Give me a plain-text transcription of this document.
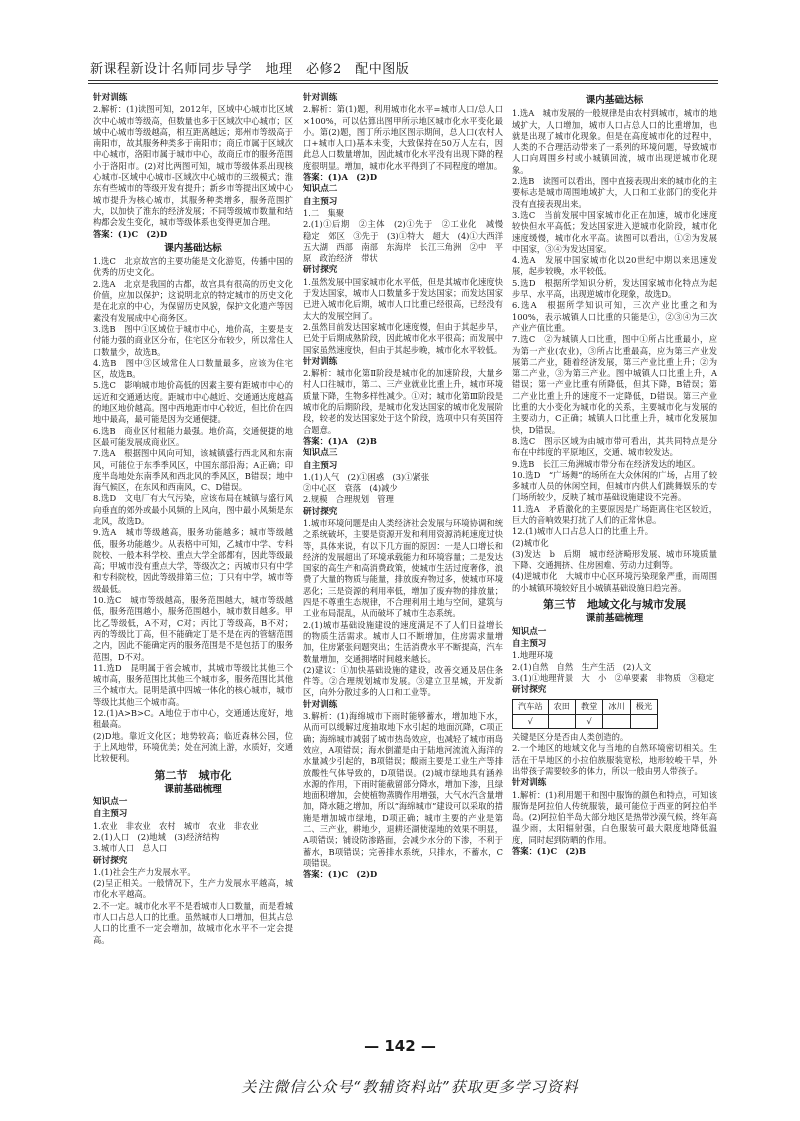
新课程新设计名师同步导学　地理　必修2　配中图版
针对训练
2.解析：(1)读图可知，2012年，区域中心城市比区域次中心城市等级高，但数量也多于区域次中心城市；区域中心城市等级越高，相互距离越远；郑州市等级高于南阳市，故其服务种类多于南阳市；商丘市属于区域次中心城市，洛阳市属于城市中心，故商丘市的服务范围小于洛阳市。(2)对比两图可知，城市等级体系出现核心城市-区域中心城市-区域次中心城市的三级模式；淮东有些城市的等级开发有提升；新乡市等提出区域中心城市提升为核心城市，其服务种类增多，服务范围扩大，以加快了淮东的经济发展；不同等级城市数量和结构都会发生变化，城市等级体系也变得更加合理。
答案：(1)C　(2)D
课内基础达标
1.选C　北京故宫的主要功能是文化游览，传播中国的优秀的历史文化。
2.选A　北京是我国的古都，故宫具有很高的历史文化价值，应加以保护；这说明北京的特定城市的历史文化是在北京的中心，为保留历史风貌，保护文化遗产等因素没有发展成中心商务区。
3.选B　图中①区域位于城市中心，地价高，主要是支付能力强的商业区分布，住宅区分布较少，所以常住人口数量少，故选B。
4.选B　图中③区域常住人口数量最多，应该为住宅区，故选B。
5.选C　影响城市地价高低的因素主要有距城市中心的远近和交通通达度。距城市中心越近、交通通达度越高的地区地价越高。图中西地距市中心较近，但比价在四地中最高，最可能是因为交通便捷。
6.选B　商业区付租能力最强。地价高，交通便捷的地区最可能发展成商业区。
7.选A　根据图中风向可知，该城镇盛行西北风和东南风，可能位于东季季风区，中国东部沿海；A正确；印度半岛地处东南季风和西北风的季风区，B错误；地中海气候区，在东风和西南风，C、D错误。
8.选D　文电厂有大气污染，应该布局在城镇与盛行风向垂直的郊外或最小风频的上风向，图中最小风频是东北风，故选D。
9.选A　城市等级越高，服务功能越多；城市等级越低，服务功能越少。从表格中可知，乙城市中学、专科院校、一般本科学校、重点大学全部都有，因此等级最高；甲城市没有重点大学，等级次之；丙城市只有中学和专科院校，因此等级排第三位；丁只有中学，城市等级最低。
10.选C　城市等级越高，服务范围越大，城市等级越低，服务范围越小，服务范围越小，城市数目越多。甲比乙等级低，A不对，C对；丙比丁等级高，B不对；丙的等级比丁高，但不能确定丁是不是在丙的管辖范围之内，因此不能确定丙的服务范围是不是包括丁的服务范围，D不对。
11.选D　昆明属于省会城市，其城市等级比其他三个城市高，服务范围比其他三个城市多，服务范围比其他三个城市大。昆明是滇中四城一体化的核心城市，城市等级比其他三个城市高。
12.(1)A>B>C。A地位于市中心，交通通达度好，地租最高。
(2)D地。靠近文化区；地势较高；临近森林公园，位于上风地带，环境优美；处在河流上游，水质好，交通比较便利。
第二节　城市化
课前基础梳理
知识点一
自主预习
1.农业　非农业　农村　城市　农业　非农业
2.(1)人口　(2)地域　(3)经济结构
3.城市人口　总人口
研讨探究
1.(1)社会生产力发展水平。
(2)呈正相关。一般情况下，生产力发展水平越高，城市化水平越高。
2.不一定。城市化水平不是看城市人口数量，而是看城市人口占总人口的比重。虽然城市人口增加，但其占总人口的比重不一定会增加，故城市化水平不一定会提高。
针对训练
2.解析：第(1)题，利用城市化水平=城市人口/总人口×100%，可以估算出图甲所示地区城市化水平变化最小。第(2)题，图丁所示地区图示期间，总人口(农村人口+城市人口)基本未变，大致保持在50万人左右，因此总人口数量增加，因此城市化水平没有出现下降的程度很明显。增加，城市化水平得到了不同程度的增加。
答案：(1)A　(2)D
知识点二
自主预习
1.二　集聚
2.(1)①后期　②主体　(2)①先于　②工业化　减慢　稳定　郊区　③先于　(3)①特大　超大　(4)①大西洋　五大湖　西部　南部　东海岸　长江三角洲　②中　平原　政治经济　带状
研讨探究
1.虽然发展中国家城市化水平低，但是其城市化速度快于发达国家，城市人口数量多于发达国家；而发达国家已进入城市化后期，城市人口比重已经很高，已经没有太大的发展空间了。
2.虽然目前发达国家城市化速度慢，但由于其起步早，已处于后期成熟阶段，因此城市化水平很高；而发展中国家虽然速度快，但由于其起步晚，城市化水平较低。
针对训练
2.解析：城市化第Ⅱ阶段是城市化的加速阶段，大量乡村人口往城市，第二、三产业就业比重上升，城市环境质量下降，生物多样性减少。①对；城市化第Ⅲ阶段是城市化的后期阶段，是城市化发达国家的城市化发展阶段，较老的发达国家处于这个阶段，选项中只有英国符合题意。
答案：(1)A　(2)B
知识点三
自主预习
1.(1)人气　(2)①困惑　(3)①紧张
②中心区　衰落　(4)减少
2.规模　合理规划　管理
研讨探究
1.城市环境问题是由人类经济社会发展与环境协调和统之系统破坏，主要是资源开发和利用资源消耗速度过快等，具体来说，有以下几方面的原因：一是人口增长和经济的发展超出了环境承载能力和环境容量；二是发达国家的高生产和高消费政策，使城市生活过度奢侈，浪费了大量的物质与能量，排放废弃物过多，使城市环境恶化；三是资源的利用率低，增加了废弃物的排放量；四是不尊重生态规律，不合理利用土地与空间，建筑与工业布局混乱，从而破坏了城市生态系统。
2.(1)城市基础设施建设的速度满足不了人们日益增长的物质生活需求。城市人口不断增加，住房需求量增加，住房紧张问题突出；生活消费水平不断提高，汽车数量增加，交通拥堵时间越来越长。
(2)建议：①加快基础设施的建设，改善交通及居住条件等。②合理规划城市发展。③建立卫星城，开发新区，向外分散过多的人口和工业等。
针对训练
3.解析：(1)海绵城市下雨时能够蓄水，增加地下水，从而可以缓解过度抽取地下水引起的地面沉降，C项正确；海绵城市减弱了城市热岛效应，也减轻了城市雨岛效应，A项错误；海水倒灌是由于陆地河流流入海洋的水量减少引起的，B项错误；酸雨主要是工业生产等排放酸性气体导致的，D项错误。(2)城市绿地具有涵养水源的作用，下雨时能截留部分降水，增加下渗，且绿地面积增加，会使植物蒸腾作用增强，大气水汽含量增加，降水随之增加，所以“海绵城市”建设可以采取的措施是增加城市绿地，D项正确；城市主要的产业是第二、三产业，耕地少，退耕还湖使湿地的效果不明显，A项错误；铺设防渗路面，会减少水分的下渗，不利于蓄水，B项错误；完善排水系统，只排水，不蓄水，C项错误。
答案：(1)C　(2)D
课内基础达标
1.选A　城市发展的一般规律是由农村到城市，城市的地域扩大，人口增加，城市人口占总人口的比重增加，也就是出现了城市化现象。但是在高度城市化的过程中，人类的不合理活动带来了一系列的环境问题，导致城市人口向周围乡村或小城镇回流，城市出现逆城市化现象。
2.选B　读图可以看出，图中直接表现出来的城市化的主要标志是城市周围地域扩大，人口和工业部门的变化并没有直接表现出来。
3.选C　当前发展中国家城市化正在加速，城市化速度较快但水平高低；发达国家进入逆城市化阶段，城市化速度缓慢，城市化水平高。读图可以看出，①②为发展中国家，③④为发达国家。
4.选A　发展中国家城市化以20世纪中期以来迅速发展，起步较晚，水平较低。
5.选D　根据所学知识分析，发达国家城市化特点为起步早、水平高，出现逆城市化现象，故选D。
6.选A　根据所学知识可知，三次产业比重之和为100%，表示城镇人口比重的只能是①，②③④为三次产业产值比重。
7.选C　②为城镇人口比重，图中①所占比重最小，应为第一产业(农业)，③所占比重最高，应为第三产业发展第二产业，随着经济发展，第三产业比重上升；②为第二产业，③为第三产业。图中城镇人口比重上升，A错误；第一产业比重有所降低，但其下降，B错误；第二产业比重上升的速度不一定降低，D错误。第三产业比重的大小变化为城市化的关系，主要城市化与发展的主要动力，C正确；城镇人口比重上升，城市化发展加快，D错误。
8.选C　图示区域为由城市带可看出，其共同特点是分布在中纬度的平原地区，交通、城市较发达。
9.选B　长江三角洲城市带分布在经济发达的地区。
10.选D　“广场舞”的场所在大众休闲的广场，占用了较多城市人员的休闲空间，但城市内供人们跳舞娱乐的专门场所较少，反映了城市基础设施建设不完善。
11.选A　矛盾激化的主要原因是广场距离住宅区较近，巨大的音响效果打扰了人们的正常休息。
12.(1)城市人口占总人口的比重上升。
(2)城市化
(3)发达　b　后期　城市经济畸形发展、城市环境质量下降、交通拥挤、住房困难、劳动力过剩等。
(4)逆城市化　大城市中心区环境污染现象严重，而周围的小城镇环境较好且小城镇基础设施日趋完善。
第三节　地域文化与城市发展
课前基础梳理
知识点一
自主预习
1.地理环境
2.(1)自然　自然　生产生活　(2)人文
3.(1)①地理背景　大　小　②单要素　非物质　③稳定
研讨探究
汽车站	农田	教堂	冰川	极光
√		√		
关键是区分是否由人类创造的。
2.一个地区的地域文化与当地的自然环境密切相关。生活在干旱地区的小拉伯族服装宽松，地形较峻干旱，外出带孩子需要较多的体力，所以一般由男人带孩子。
针对训练
1.解析：(1)利用题干和图中服饰的颜色和特点，可知该服饰是阿拉伯人传统服装，最可能位于西亚的阿拉伯半岛。(2)阿拉伯半岛大部分地区是热带沙漠气候，终年高温少雨，太阳辐射强，白色服装可最大限度地降低温度，同时起到防晒的作用。
答案：(1)C　(2)B
— 142 —
关注微信公众号“教辅资料站”获取更多学习资料
